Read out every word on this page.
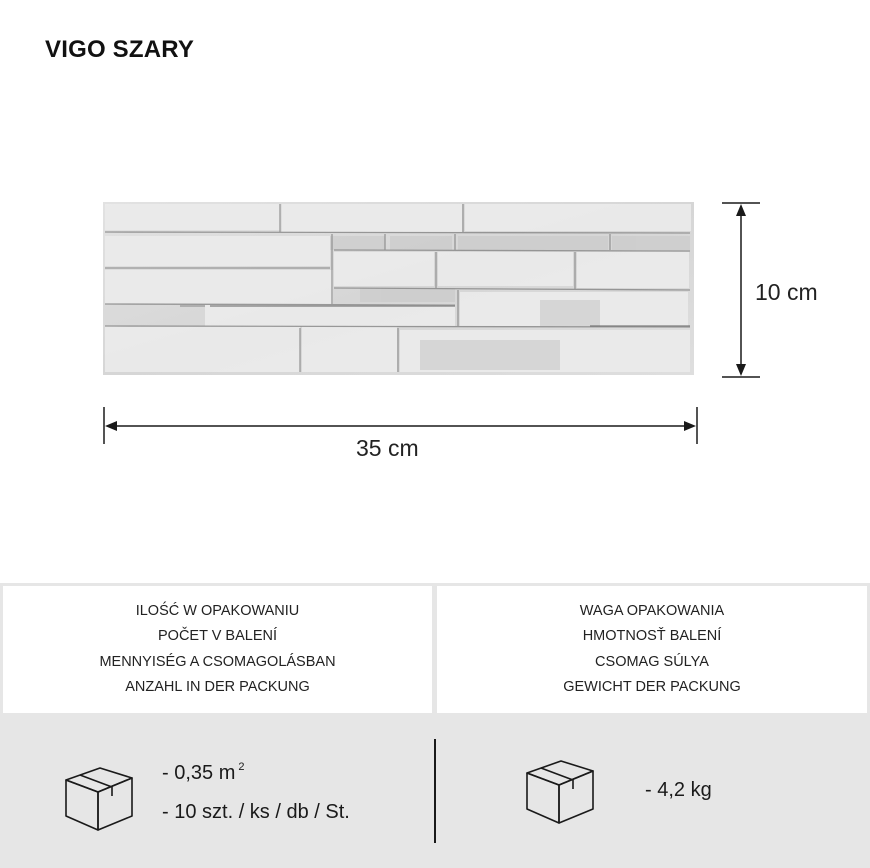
VIGO SZARY
10 cm
35 cm
ILOŚĆ W OPAKOWANIU
POČET V BALENÍ
MENNYISÉG A CSOMAGOLÁSBAN
ANZAHL IN DER PACKUNG
WAGA OPAKOWANIA
HMOTNOSŤ BALENÍ
CSOMAG SÚLYA
GEWICHT DER PACKUNG
- 0,35 m $^2$
- 10 szt. / ks / db / St.
- 4,2 kg
